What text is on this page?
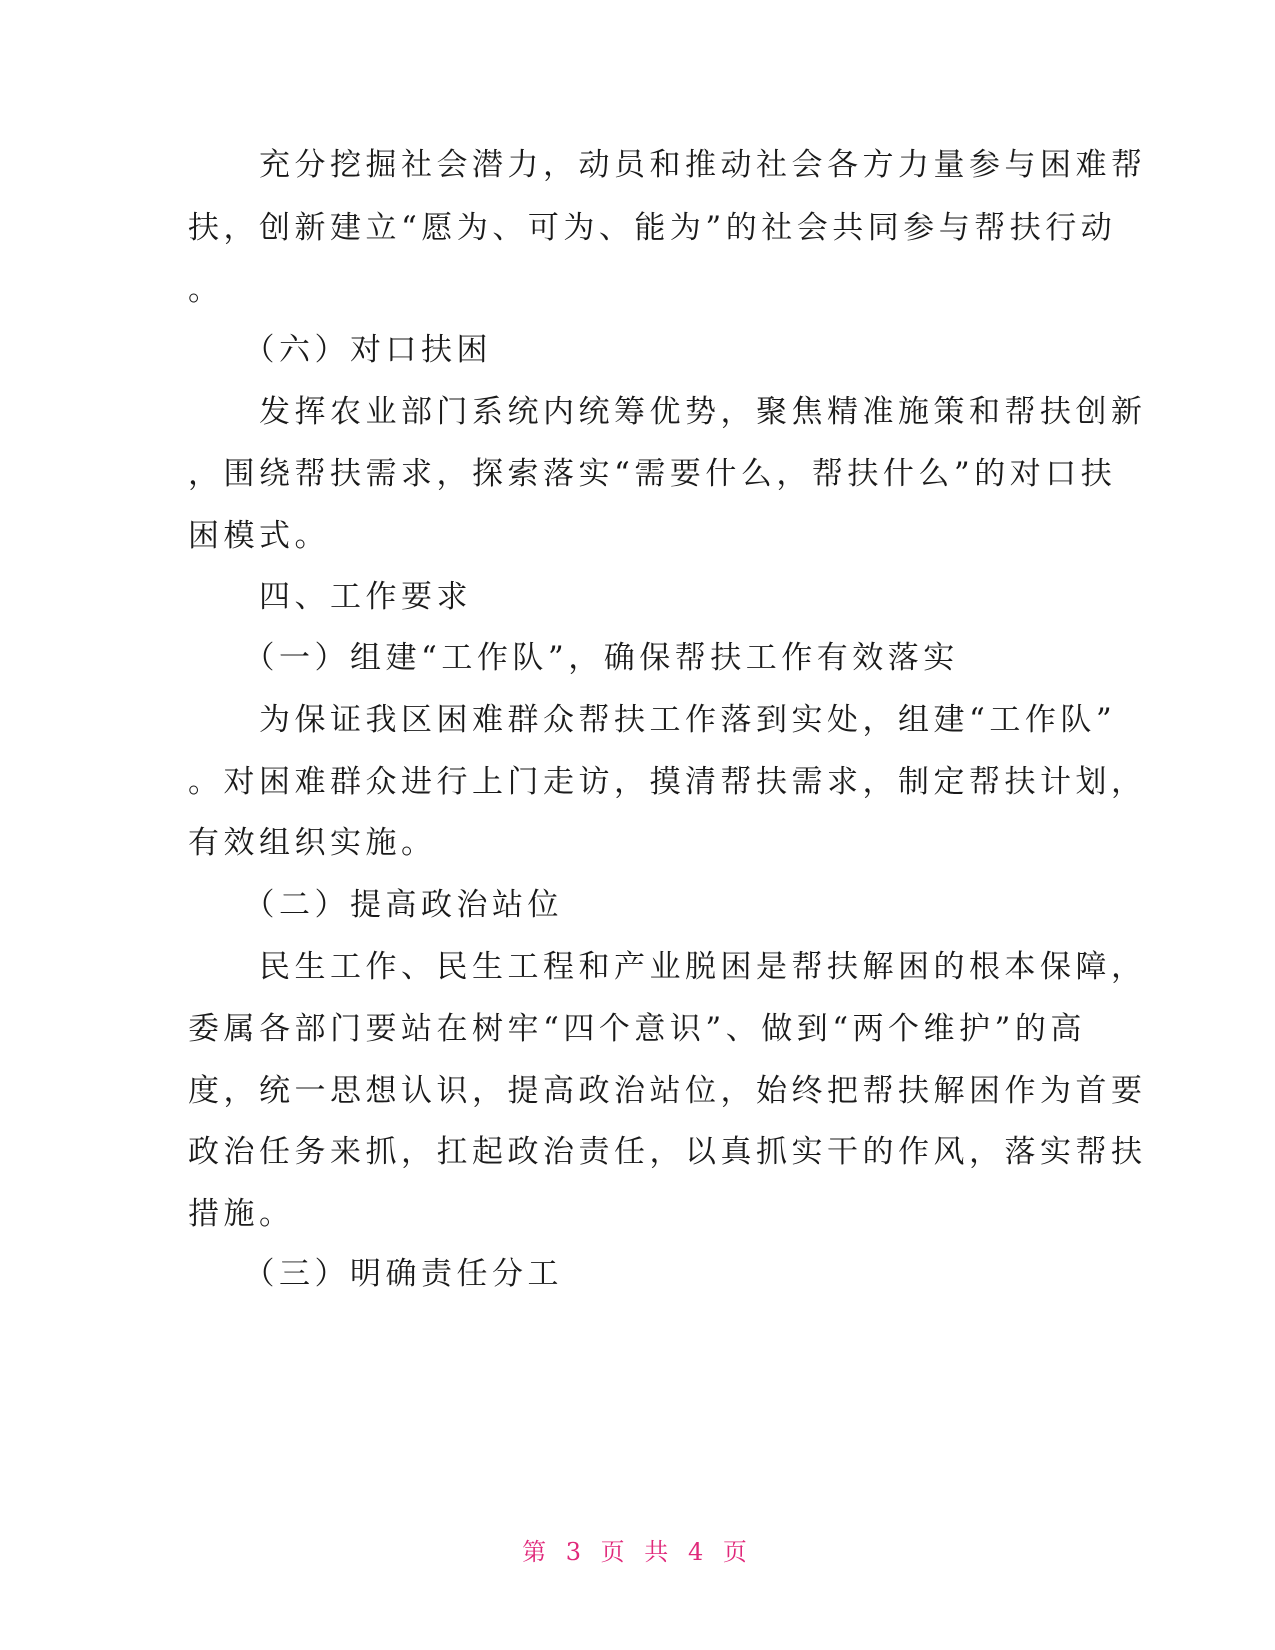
　　充分挖掘社会潜力，动员和推动社会各方力量参与困难帮
扶，创新建立“愿为、可为、能为”的社会共同参与帮扶行动
。
　　（六）对口扶困
　　发挥农业部门系统内统筹优势，聚焦精准施策和帮扶创新
，围绕帮扶需求，探索落实“需要什么，帮扶什么”的对口扶
困模式。
　　四、工作要求
　　（一）组建“工作队”，确保帮扶工作有效落实
　　为保证我区困难群众帮扶工作落到实处，组建“工作队”
。对困难群众进行上门走访，摸清帮扶需求，制定帮扶计划，
有效组织实施。
　　（二）提高政治站位
　　民生工作、民生工程和产业脱困是帮扶解困的根本保障，
委属各部门要站在树牢“四个意识”、做到“两个维护”的高
度，统一思想认识，提高政治站位，始终把帮扶解困作为首要
政治任务来抓，扛起政治责任，以真抓实干的作风，落实帮扶
措施。
　　（三）明确责任分工
第 3 页 共 4 页
